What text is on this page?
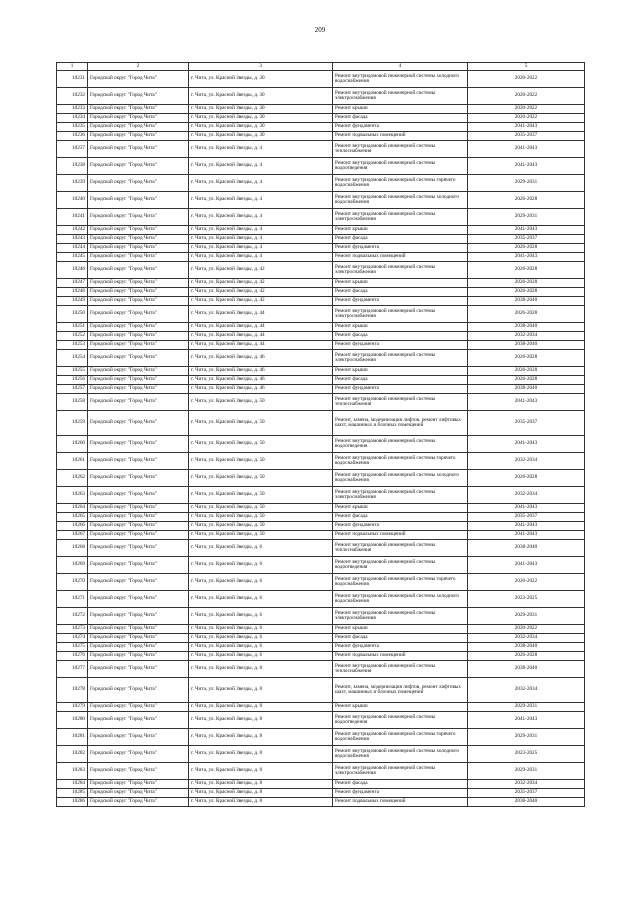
209
1	2	3	4	5
10231	Городской округ "Город Чита"	г. Чита, ул. Красной Звезды, д. 30	Ремонт внутридомовой инженерной системы холодного водоснабжения	2020-2022
10232	Городской округ "Город Чита"	г. Чита, ул. Красной Звезды, д. 30	Ремонт внутридомовой инженерной системы электроснабжения	2020-2022
10233	Городской округ "Город Чита"	г. Чита, ул. Красной Звезды, д. 30	Ремонт крыши	2020-2022
10234	Городской округ "Город Чита"	г. Чита, ул. Красной Звезды, д. 30	Ремонт фасада	2020-2022
10235	Городской округ "Город Чита"	г. Чита, ул. Красной Звезды, д. 30	Ремонт фундамента	2041-2043
10236	Городской округ "Город Чита"	г. Чита, ул. Красной Звезды, д. 30	Ремонт подвальных помещений	2035-2037
10237	Городской округ "Город Чита"	г. Чита, ул. Красной Звезды, д. 4	Ремонт внутридомовой инженерной системы теплоснабжения	2041-2043
10238	Городской округ "Город Чита"	г. Чита, ул. Красной Звезды, д. 4	Ремонт внутридомовой инженерной системы водоотведения	2041-2043
10239	Городской округ "Город Чита"	г. Чита, ул. Красной Звезды, д. 4	Ремонт внутридомовой инженерной системы горячего водоснабжения	2029-2031
10240	Городской округ "Город Чита"	г. Чита, ул. Красной Звезды, д. 4	Ремонт внутридомовой инженерной системы холодного водоснабжения	2026-2028
10241	Городской округ "Город Чита"	г. Чита, ул. Красной Звезды, д. 4	Ремонт внутридомовой инженерной системы электроснабжения	2029-2031
10242	Городской округ "Город Чита"	г. Чита, ул. Красной Звезды, д. 4	Ремонт крыши	2041-2043
10243	Городской округ "Город Чита"	г. Чита, ул. Красной Звезды, д. 4	Ремонт фасада	2035-2037
10244	Городской округ "Город Чита"	г. Чита, ул. Красной Звезды, д. 4	Ремонт фундамента	2026-2028
10245	Городской округ "Город Чита"	г. Чита, ул. Красной Звезды, д. 4	Ремонт подвальных помещений	2041-2043
10246	Городской округ "Город Чита"	г. Чита, ул. Красной Звезды, д. 42	Ремонт внутридомовой инженерной системы электроснабжения	2026-2028
10247	Городской округ "Город Чита"	г. Чита, ул. Красной Звезды, д. 42	Ремонт крыши	2026-2028
10248	Городской округ "Город Чита"	г. Чита, ул. Красной Звезды, д. 42	Ремонт фасада	2026-2028
10249	Городской округ "Город Чита"	г. Чита, ул. Красной Звезды, д. 42	Ремонт фундамента	2038-2040
10250	Городской округ "Город Чита"	г. Чита, ул. Красной Звезды, д. 44	Ремонт внутридомовой инженерной системы электроснабжения	2026-2028
10251	Городской округ "Город Чита"	г. Чита, ул. Красной Звезды, д. 44	Ремонт крыши	2038-2040
10252	Городской округ "Город Чита"	г. Чита, ул. Красной Звезды, д. 44	Ремонт фасада	2032-2034
10253	Городской округ "Город Чита"	г. Чита, ул. Красной Звезды, д. 44	Ремонт фундамента	2038-2040
10254	Городской округ "Город Чита"	г. Чита, ул. Красной Звезды, д. 46	Ремонт внутридомовой инженерной системы электроснабжения	2026-2028
10255	Городской округ "Город Чита"	г. Чита, ул. Красной Звезды, д. 46	Ремонт крыши	2026-2028
10256	Городской округ "Город Чита"	г. Чита, ул. Красной Звезды, д. 46	Ремонт фасада	2026-2028
10257	Городской округ "Город Чита"	г. Чита, ул. Красной Звезды, д. 46	Ремонт фундамента	2038-2040
10258	Городской округ "Город Чита"	г. Чита, ул. Красной Звезды, д. 50	Ремонт внутридомовой инженерной системы теплоснабжения	2041-2043
10259	Городской округ "Город Чита"	г. Чита, ул. Красной Звезды, д. 50	Ремонт, замена, модернизация лифтов, ремонт лифтовых шахт, машинных и блочных помещений	2035-2037
10260	Городской округ "Город Чита"	г. Чита, ул. Красной Звезды, д. 50	Ремонт внутридомовой инженерной системы водоотведения	2041-2043
10261	Городской округ "Город Чита"	г. Чита, ул. Красной Звезды, д. 50	Ремонт внутридомовой инженерной системы горячего водоснабжения	2032-2034
10262	Городской округ "Город Чита"	г. Чита, ул. Красной Звезды, д. 50	Ремонт внутридомовой инженерной системы холодного водоснабжения	2026-2028
10263	Городской округ "Город Чита"	г. Чита, ул. Красной Звезды, д. 50	Ремонт внутридомовой инженерной системы электроснабжения	2032-2034
10264	Городской округ "Город Чита"	г. Чита, ул. Красной Звезды, д. 50	Ремонт крыши	2041-2043
10265	Городской округ "Город Чита"	г. Чита, ул. Красной Звезды, д. 50	Ремонт фасада	2035-2037
10266	Городской округ "Город Чита"	г. Чита, ул. Красной Звезды, д. 50	Ремонт фундамента	2041-2043
10267	Городской округ "Город Чита"	г. Чита, ул. Красной Звезды, д. 50	Ремонт подвальных помещений	2041-2043
10268	Городской округ "Город Чита"	г. Чита, ул. Красной Звезды, д. 6	Ремонт внутридомовой инженерной системы теплоснабжения	2038-2040
10269	Городской округ "Город Чита"	г. Чита, ул. Красной Звезды, д. 6	Ремонт внутридомовой инженерной системы водоотведения	2041-2043
10270	Городской округ "Город Чита"	г. Чита, ул. Красной Звезды, д. 6	Ремонт внутридомовой инженерной системы горячего водоснабжения	2020-2022
10271	Городской округ "Город Чита"	г. Чита, ул. Красной Звезды, д. 6	Ремонт внутридомовой инженерной системы холодного водоснабжения	2023-2025
10272	Городской округ "Город Чита"	г. Чита, ул. Красной Звезды, д. 6	Ремонт внутридомовой инженерной системы электроснабжения	2029-2031
10273	Городской округ "Город Чита"	г. Чита, ул. Красной Звезды, д. 6	Ремонт крыши	2020-2022
10274	Городской округ "Город Чита"	г. Чита, ул. Красной Звезды, д. 6	Ремонт фасада	2032-2034
10275	Городской округ "Город Чита"	г. Чита, ул. Красной Звезды, д. 6	Ремонт фундамента	2038-2040
10276	Городской округ "Город Чита"	г. Чита, ул. Красной Звезды, д. 6	Ремонт подвальных помещений	2026-2028
10277	Городской округ "Город Чита"	г. Чита, ул. Красной Звезды, д. 8	Ремонт внутридомовой инженерной системы теплоснабжения	2038-2040
10278	Городской округ "Город Чита"	г. Чита, ул. Красной Звезды, д. 8	Ремонт, замена, модернизация лифтов, ремонт лифтовых шахт, машинных и блочных помещений	2032-2034
10279	Городской округ "Город Чита"	г. Чита, ул. Красной Звезды, д. 8	Ремонт крыши	2029-2031
10280	Городской округ "Город Чита"	г. Чита, ул. Красной Звезды, д. 8	Ремонт внутридомовой инженерной системы водоотведения	2041-2043
10281	Городской округ "Город Чита"	г. Чита, ул. Красной Звезды, д. 8	Ремонт внутридомовой инженерной системы горячего водоснабжения	2029-2031
10282	Городской округ "Город Чита"	г. Чита, ул. Красной Звезды, д. 8	Ремонт внутридомовой инженерной системы холодного водоснабжения	2023-2025
10283	Городской округ "Город Чита"	г. Чита, ул. Красной Звезды, д. 8	Ремонт внутридомовой инженерной системы электроснабжения	2029-2031
10284	Городской округ "Город Чита"	г. Чита, ул. Красной Звезды, д. 8	Ремонт фасада	2032-2034
10285	Городской округ "Город Чита"	г. Чита, ул. Красной Звезды, д. 8	Ремонт фундамента	2035-2037
10286	Городской округ "Город Чита"	г. Чита, ул. Красной Звезды, д. 8	Ремонт подвальных помещений	2038-2040
